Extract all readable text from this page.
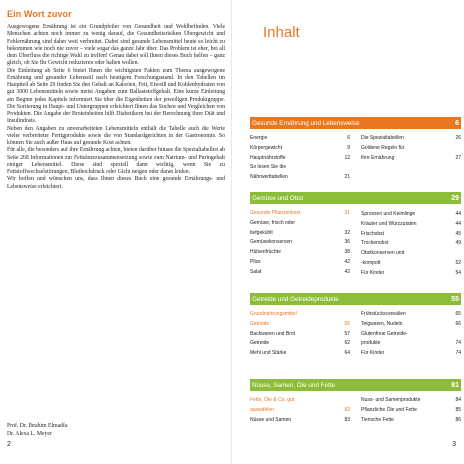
Ein Wort zuvor

Ausgewogene Ernährung ist ein Grundpfeiler von Gesundheit und Wohlbefinden. Viele Menschen achten noch immer zu wenig darauf, die Gesundheitsrisiken Übergewicht und Fehlernährung sind daher weit verbreitet. Dabei sind gesunde Lebensmittel heute so leicht zu bekommen wie noch nie zuvor – viele sogar das ganze Jahr über. Das Problem ist eher, bei all dem Überfluss die richtige Wahl zu treffen! Genau dabei soll Ihnen dieses Buch helfen – ganz gleich, ob Sie Ihr Gewicht reduzieren oder halten wollen.

Die Einleitung ab Seite 6 bietet Ihnen die wichtigsten Fakten zum Thema ausgewogene Ernährung und gesunder Lebensstil nach heutigem Forschungsstand. In den Tabellen im Hauptteil ab Seite 29 finden Sie den Gehalt an Kalorien, Fett, Eiweiß und Kohlenhydraten von gut 3000 Lebensmitteln sowie meist Angaben zum Ballaststoffgehalt. Eine kurze Einleitung am Beginn jedes Kapitels informiert Sie über die Eigenheiten der jeweiligen Produktgruppe. Die Sortierung in Haupt- und Untergruppen erleichtert Ihnen das Suchen und Vergleichen von Produkten. Die Angabe der Broteinheiten hilft Diabetikern bei der Berechnung ihrer Diät und Insulindosis.

Neben den Angaben zu unverarbeiteten Lebensmitteln enthält die Tabelle auch die Werte vieler verbreiteter Fertigprodukte sowie die von Standardgerichten in der Gastronomie. So können Sie auch außer Haus auf gesunde Kost achten.

Für alle, die besonders auf ihre Ernährung achten, bieten darüber hinaus die Spezialtabellen ab Seite 268 Informationen zur Fettsäurezusammensetzung sowie zum Natrium- und Puringehalt einiger Lebensmittel. Diese sind speziell dann wichtig, wenn Sie zu Fettstoffwechselstörungen, Bluthochdruck oder Gicht neigen oder daran leiden.

Wir hoffen und wünschen uns, dass Ihnen dieses Buch eine gesunde Ernährungs- und Lebensweise erleichtert.

Prof. Dr. Ibrahim Elmadfa
Dr. Alexa L. Meyer
2
Inhalt
Gesunde Ernährung und Lebensweise	6
Energie	6
Körpergewicht	9
Hauptnährstoffe	12
So lesen Sie die
Nährwerttabellen	21
Die Spezialtabellen	26
Goldene Regeln für
Ihre Ernährung	27
Gemüse und Obst	29
Gesunde Pflanzenkost	31
Gemüse, frisch oder
tiefgekühlt	32
Gemüsekonserven	36
Hülsenfrüchte	38
Pilze	42
Salat	42
Sprossen und Keimlinge	44
Kräuter und Würzzutaten	44
Frischobst	45
Trockenobst	49
Obstkonserven und
-kompott	52
Für Kinder	54
Getreide und Getreideprodukte	55
Grundnahrungsmittel
Getreide	56
Backwaren und Brot	57
Getreide	62
Mehl und Stärke	64
Frühstückscerealien	65
Teigwaren, Nudeln	66
Glutenfreie Getreide-
produkte	74
Für Kinder	74
Nüsse, Samen, Öle und Fette	81
Fette, Öle & Co. gut
auswählen	82
Nüsse und Samen	83
Nuss- und Samenprodukte	84
Pflanzliche Öle und Fette	85
Tierische Fette	86
3
